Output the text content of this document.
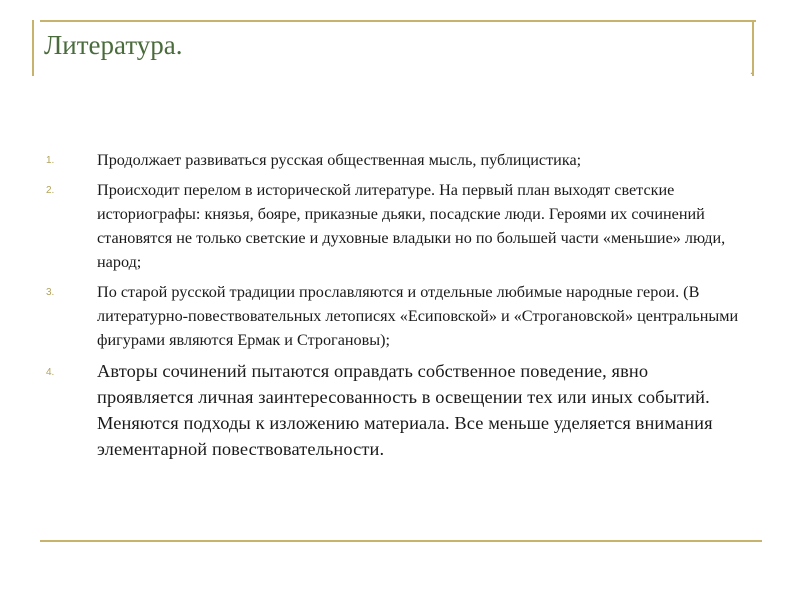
Литература.
.
1.	Продолжает развиваться русская общественная мысль, публицистика;
2.	Происходит перелом в исторической литературе. На первый план выходят светские историографы: князья, бояре, приказные дьяки, посадские люди. Героями их сочинений становятся не только светские и духовные владыки но по большей части «меньшие» люди, народ;
3.	По старой русской традиции прославляются и отдельные любимые народные герои. (В литературно-повествовательных летописях «Есиповской» и «Строгановской» центральными фигурами являются Ермак и Строгановы);
4. Авторы сочинений пытаются оправдать собственное поведение, явно проявляется личная заинтересованность в освещении тех или иных событий. Меняются подходы к изложению материала. Все меньше уделяется внимания элементарной повествовательности.
